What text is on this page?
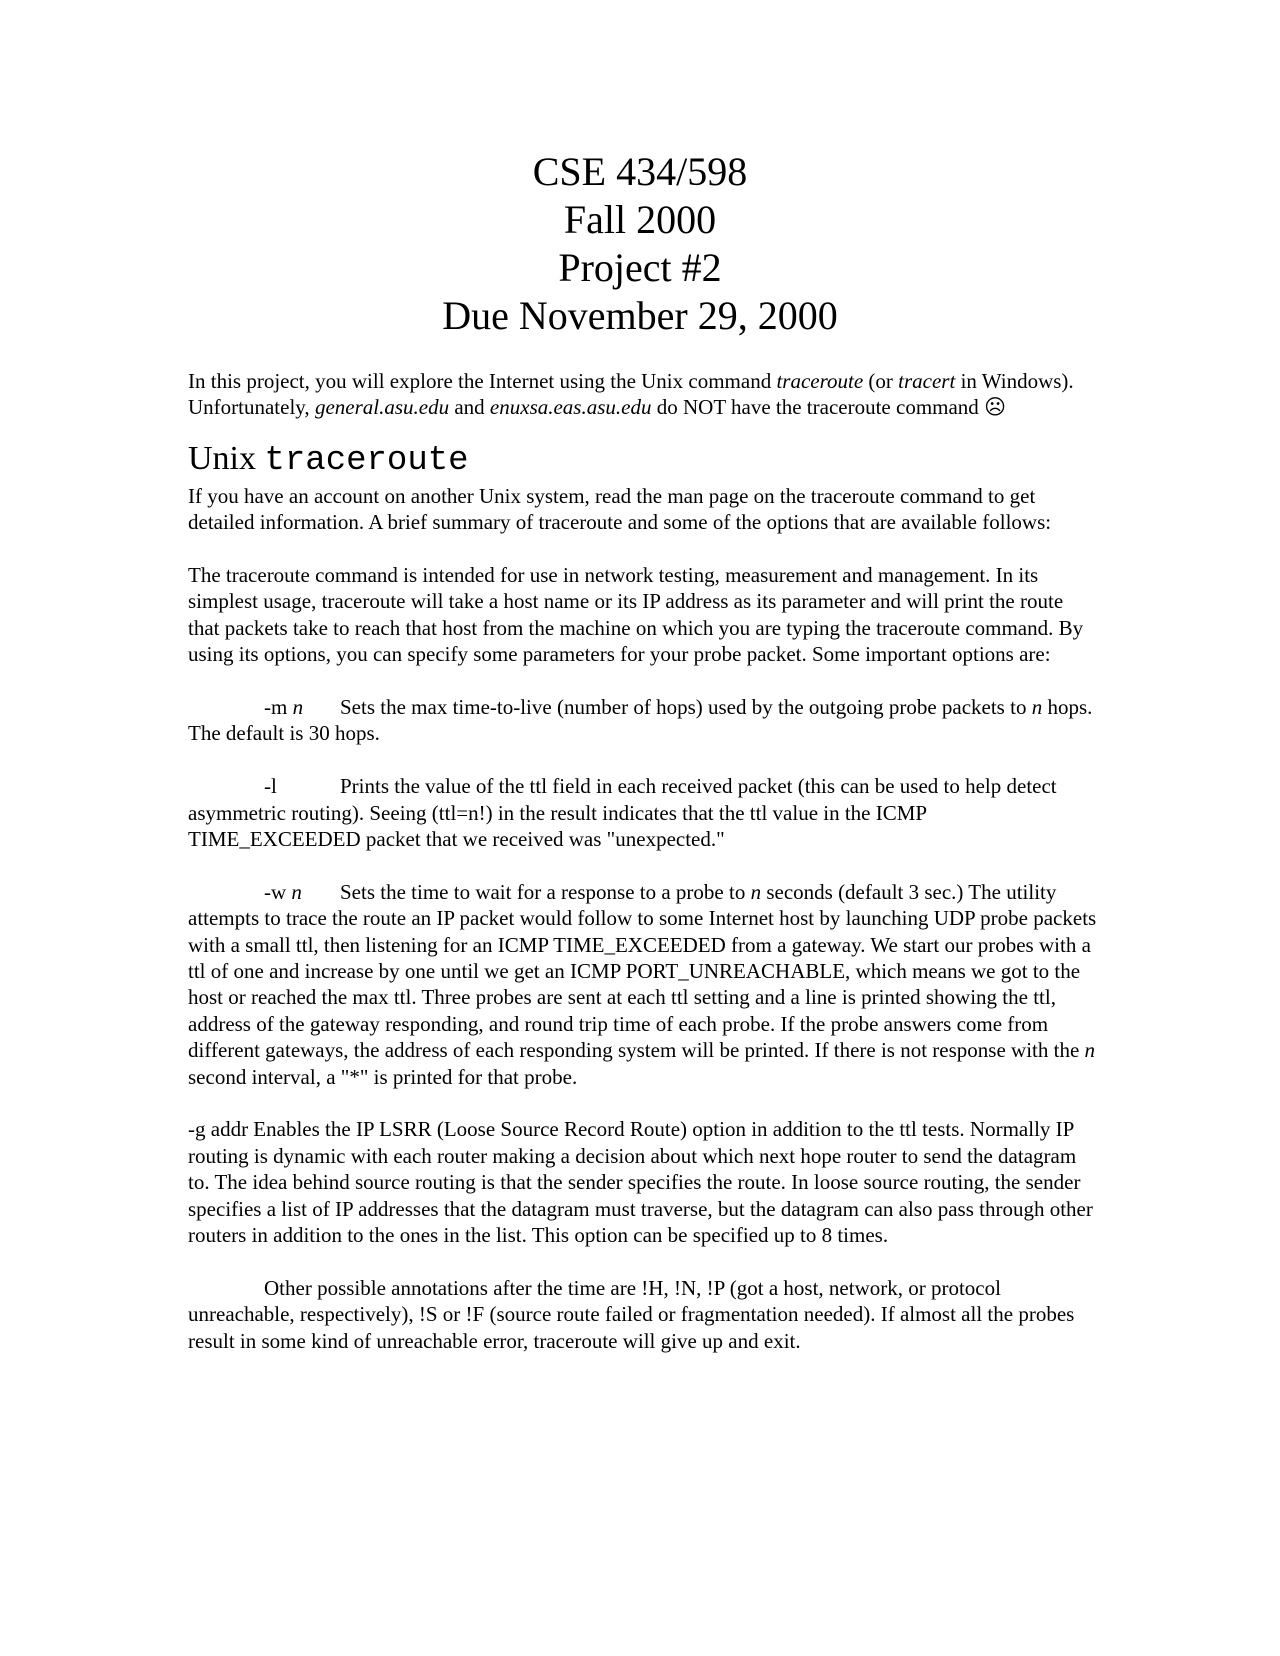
CSE 434/598
Fall 2000
Project #2
Due November 29, 2000

In this project, you will explore the Internet using the Unix command traceroute (or tracert in Windows). Unfortunately, general.asu.edu and enuxsa.eas.asu.edu do NOT have the traceroute command ☹

Unix traceroute

If you have an account on another Unix system, read the man page on the traceroute command to get detailed information. A brief summary of traceroute and some of the options that are available follows:

The traceroute command is intended for use in network testing, measurement and management. In its simplest usage, traceroute will take a host name or its IP address as its parameter and will print the route that packets take to reach that host from the machine on which you are typing the traceroute command. By using its options, you can specify some parameters for your probe packet. Some important options are:

-m n Sets the max time-to-live (number of hops) used by the outgoing probe packets to n hops. The default is 30 hops.

-l	Prints the value of the ttl field in each received packet (this can be used to help detect asymmetric routing). Seeing (ttl=n!) in the result indicates that the ttl value in the ICMP TIME_EXCEEDED packet that we received was "unexpected."

-w n Sets the time to wait for a response to a probe to n seconds (default 3 sec.) The utility attempts to trace the route an IP packet would follow to some Internet host by launching UDP probe packets with a small ttl, then listening for an ICMP TIME_EXCEEDED from a gateway. We start our probes with a ttl of one and increase by one until we get an ICMP PORT_UNREACHABLE, which means we got to the host or reached the max ttl. Three probes are sent at each ttl setting and a line is printed showing the ttl, address of the gateway responding, and round trip time of each probe. If the probe answers come from different gateways, the address of each responding system will be printed. If there is not response with the n second interval, a "*" is printed for that probe.

-g addr Enables the IP LSRR (Loose Source Record Route) option in addition to the ttl tests. Normally IP routing is dynamic with each router making a decision about which next hope router to send the datagram to. The idea behind source routing is that the sender specifies the route. In loose source routing, the sender specifies a list of IP addresses that the datagram must traverse, but the datagram can also pass through other routers in addition to the ones in the list. This option can be specified up to 8 times.

Other possible annotations after the time are !H, !N, !P (got a host, network, or protocol unreachable, respectively), !S or !F (source route failed or fragmentation needed). If almost all the probes result in some kind of unreachable error, traceroute will give up and exit.
